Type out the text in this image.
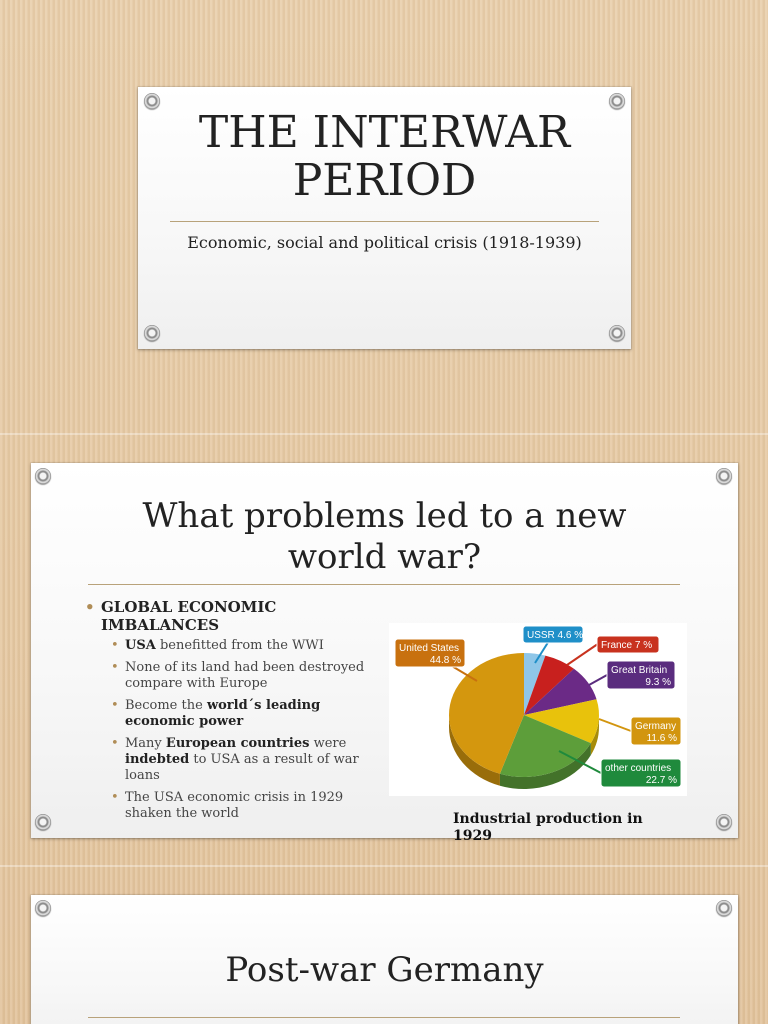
THE INTERWAR
PERIOD
Economic, social and political crisis (1918-1939)
What problems led to a new
world war?
• GLOBAL ECONOMIC
IMBALANCES
• USA benefitted from the WWI
• None of its land had been destroyed compare with Europe
• Become the world´s leading economic power
• Many European countries were indebted to USA as a result of war loans
• The USA economic crisis in 1929 shaken the world
United States
44.8 %
USSR 4.6 %
France 7 %
Great Britain
9.3 %
Germany
11.6 %
other countries
22.7 %
Industrial production in
1929
Post-war Germany
